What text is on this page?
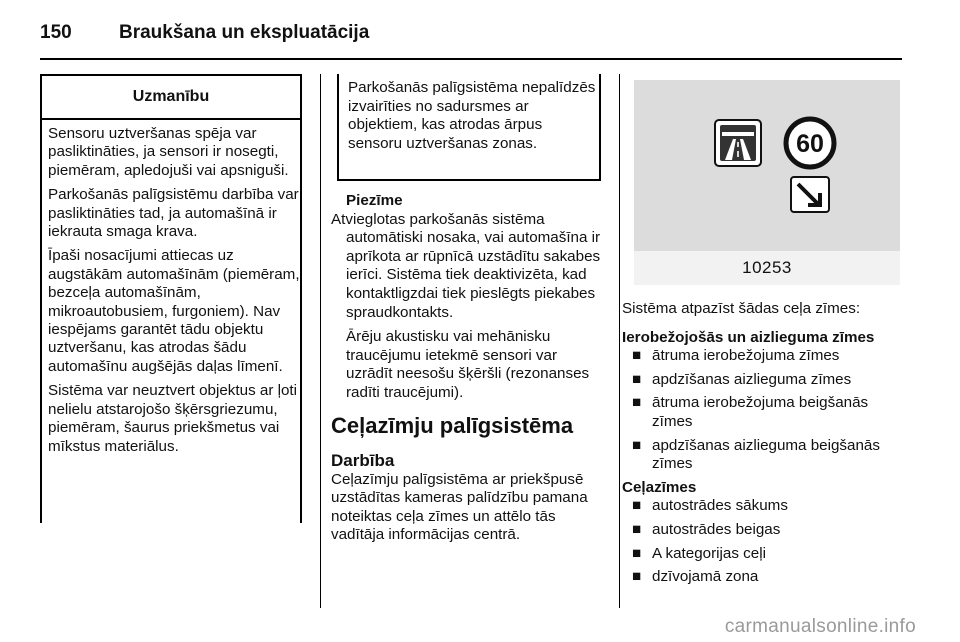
150 Braukšana un ekspluatācija
Uzmanību

Sensoru uztveršanas spēja var pasliktināties, ja sensori ir nosegti, piemēram, apledojuši vai apsniguši.

Parkošanās palīgsistēmu darbība var pasliktināties tad, ja automašīnā ir iekrauta smaga krava.

Īpaši nosacījumi attiecas uz augstākām automašīnām (piemēram, bezceļa automašīnām, mikroautobusiem, furgoniem). Nav iespējams garantēt tādu objektu uztveršanu, kas atrodas šādu automašīnu augšējās daļas līmenī.

Sistēma var neuztvert objektus ar ļoti nelielu atstarojošo šķērsgriezumu, piemēram, šaurus priekšmetus vai mīkstus materiālus.

Parkošanās palīgsistēma nepalīdzēs izvairīties no sadursmes ar objektiem, kas atrodas ārpus sensoru uztveršanas zonas.
Piezīme

Atvieglotas parkošanās sistēma automātiski nosaka, vai automašīna ir aprīkota ar rūpnīcā uzstādītu sakabes ierīci. Sistēma tiek deaktivizēta, kad kontaktligzdai tiek pieslēgts piekabes spraudkontakts.

Ārēju akustisku vai mehānisku traucējumu ietekmē sensori var uzrādīt neesošu šķēršli (rezonanses radīti traucējumi).

Ceļazīmju palīgsistēma
Darbība
Ceļazīmju palīgsistēma ar priekšpusē uzstādītas kameras palīdzību pamana noteiktas ceļa zīmes un attēlo tās vadītāja informācijas centrā.
60
10253

Sistēma atpazīst šādas ceļa zīmes:

Ierobežojošās un aizlieguma zīmes

■ ātruma ierobežojuma zīmes
■ apdzīšanas aizlieguma zīmes
■ ātruma ierobežojuma beigšanās zīmes
■ apdzīšanas aizlieguma beigšanās zīmes

Ceļazīmes

■ autostrādes sākums
■ autostrādes beigas
■ A kategorijas ceļi
■ dzīvojamā zona
carmanualsonline.info
